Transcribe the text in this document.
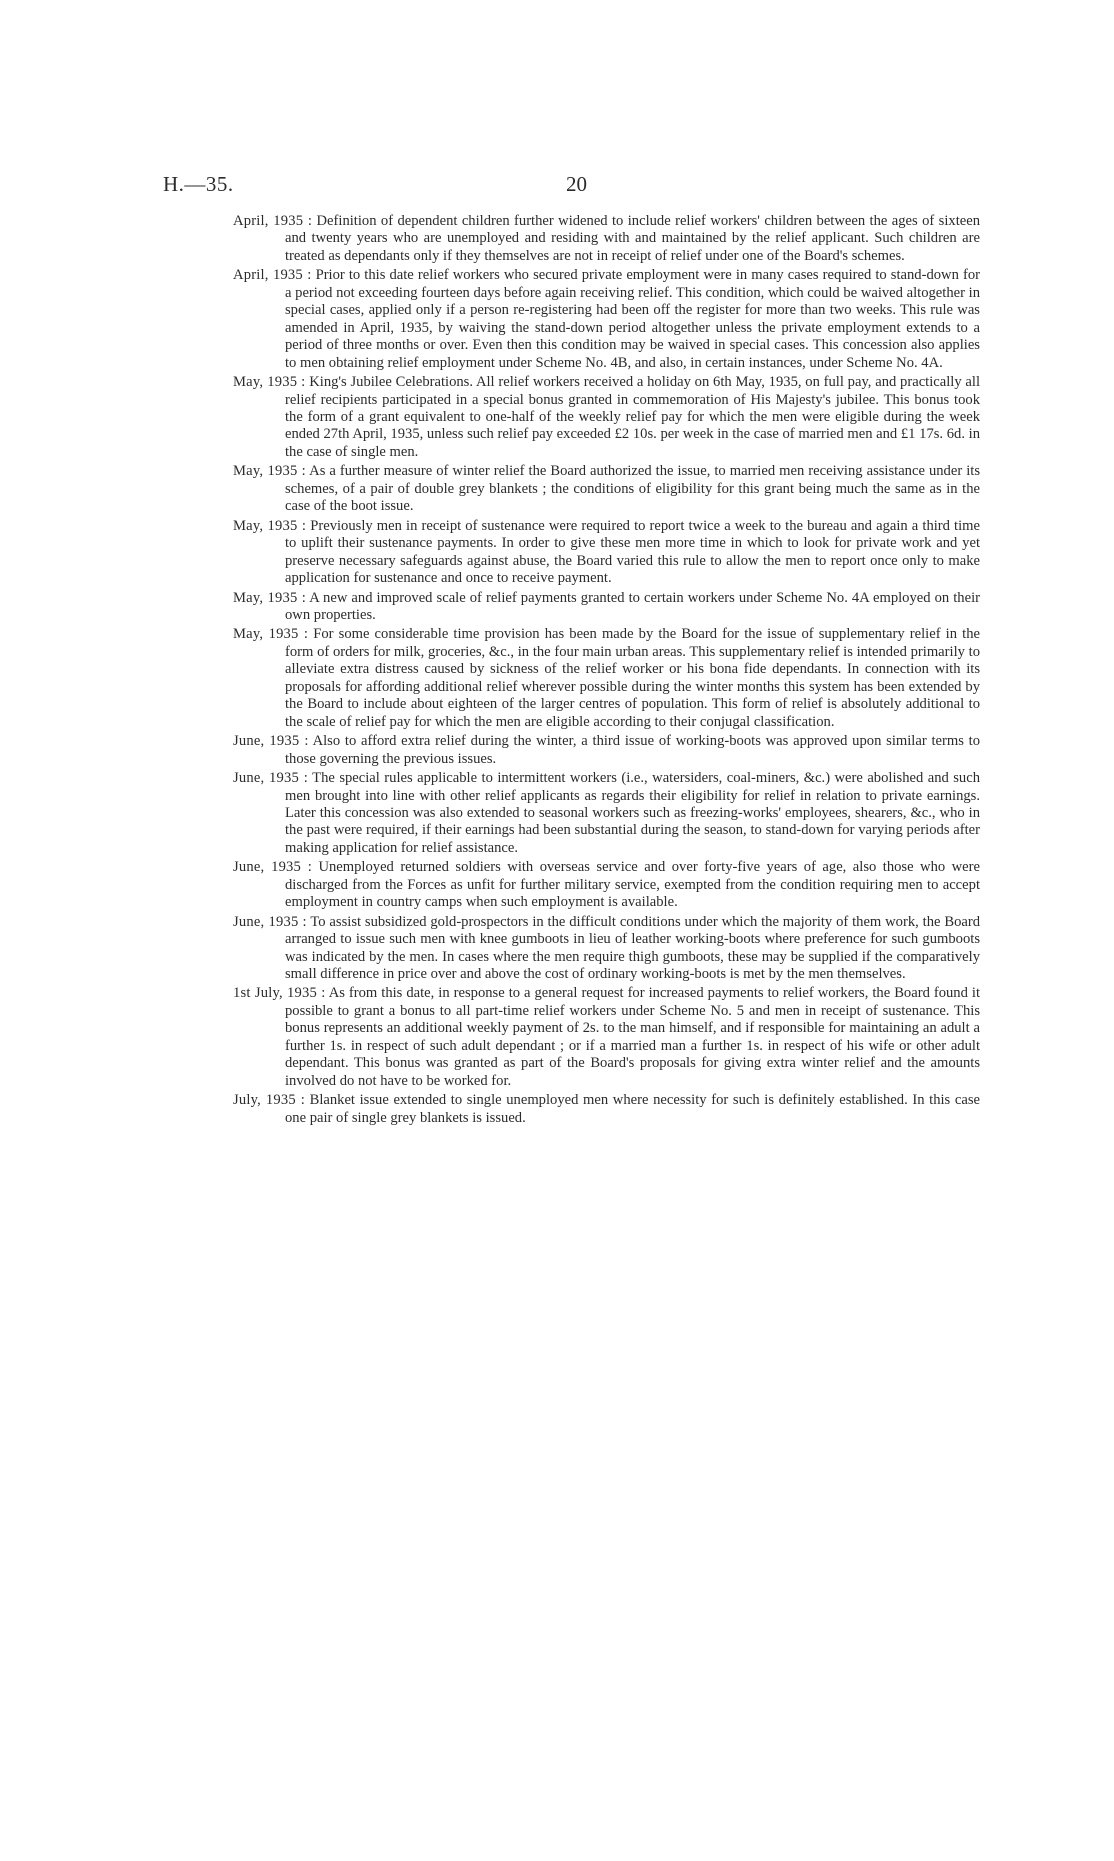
H.—35.	20

April, 1935 : Definition of dependent children further widened to include relief workers' children between the ages of sixteen and twenty years who are unemployed and residing with and maintained by the relief applicant. Such children are treated as dependants only if they themselves are not in receipt of relief under one of the Board's schemes.

April, 1935 : Prior to this date relief workers who secured private employment were in many cases required to stand-down for a period not exceeding fourteen days before again receiving relief. This condition, which could be waived altogether in special cases, applied only if a person re-registering had been off the register for more than two weeks. This rule was amended in April, 1935, by waiving the stand-down period altogether unless the private employment extends to a period of three months or over. Even then this condition may be waived in special cases. This concession also applies to men obtaining relief employment under Scheme No. 4B, and also, in certain instances, under Scheme No. 4A.

May, 1935 : King's Jubilee Celebrations. All relief workers received a holiday on 6th May, 1935, on full pay, and practically all relief recipients participated in a special bonus granted in commemoration of His Majesty's jubilee. This bonus took the form of a grant equivalent to one-half of the weekly relief pay for which the men were eligible during the week ended 27th April, 1935, unless such relief pay exceeded £2 10s. per week in the case of married men and £1 17s. 6d. in the case of single men.

May, 1935 : As a further measure of winter relief the Board authorized the issue, to married men receiving assistance under its schemes, of a pair of double grey blankets ; the conditions of eligibility for this grant being much the same as in the case of the boot issue.

May, 1935 : Previously men in receipt of sustenance were required to report twice a week to the bureau and again a third time to uplift their sustenance payments. In order to give these men more time in which to look for private work and yet preserve necessary safeguards against abuse, the Board varied this rule to allow the men to report once only to make application for sustenance and once to receive payment.

May, 1935 : A new and improved scale of relief payments granted to certain workers under Scheme No. 4A employed on their own properties.

May, 1935 : For some considerable time provision has been made by the Board for the issue of supplementary relief in the form of orders for milk, groceries, &c., in the four main urban areas. This supplementary relief is intended primarily to alleviate extra distress caused by sickness of the relief worker or his bona fide dependants. In connection with its proposals for affording additional relief wherever possible during the winter months this system has been extended by the Board to include about eighteen of the larger centres of population. This form of relief is absolutely additional to the scale of relief pay for which the men are eligible according to their conjugal classification.

June, 1935 : Also to afford extra relief during the winter, a third issue of working-boots was approved upon similar terms to those governing the previous issues.

June, 1935 : The special rules applicable to intermittent workers (i.e., watersiders, coal-miners, &c.) were abolished and such men brought into line with other relief applicants as regards their eligibility for relief in relation to private earnings. Later this concession was also extended to seasonal workers such as freezing-works' employees, shearers, &c., who in the past were required, if their earnings had been substantial during the season, to stand-down for varying periods after making application for relief assistance.

June, 1935 : Unemployed returned soldiers with overseas service and over forty-five years of age, also those who were discharged from the Forces as unfit for further military service, exempted from the condition requiring men to accept employment in country camps when such employment is available.

June, 1935 : To assist subsidized gold-prospectors in the difficult conditions under which the majority of them work, the Board arranged to issue such men with knee gumboots in lieu of leather working-boots where preference for such gumboots was indicated by the men. In cases where the men require thigh gumboots, these may be supplied if the comparatively small difference in price over and above the cost of ordinary working-boots is met by the men themselves.

1st July, 1935 : As from this date, in response to a general request for increased payments to relief workers, the Board found it possible to grant a bonus to all part-time relief workers under Scheme No. 5 and men in receipt of sustenance. This bonus represents an additional weekly payment of 2s. to the man himself, and if responsible for maintaining an adult a further 1s. in respect of such adult dependant ; or if a married man a further 1s. in respect of his wife or other adult dependant. This bonus was granted as part of the Board's proposals for giving extra winter relief and the amounts involved do not have to be worked for.

July, 1935 : Blanket issue extended to single unemployed men where necessity for such is definitely established. In this case one pair of single grey blankets is issued.
